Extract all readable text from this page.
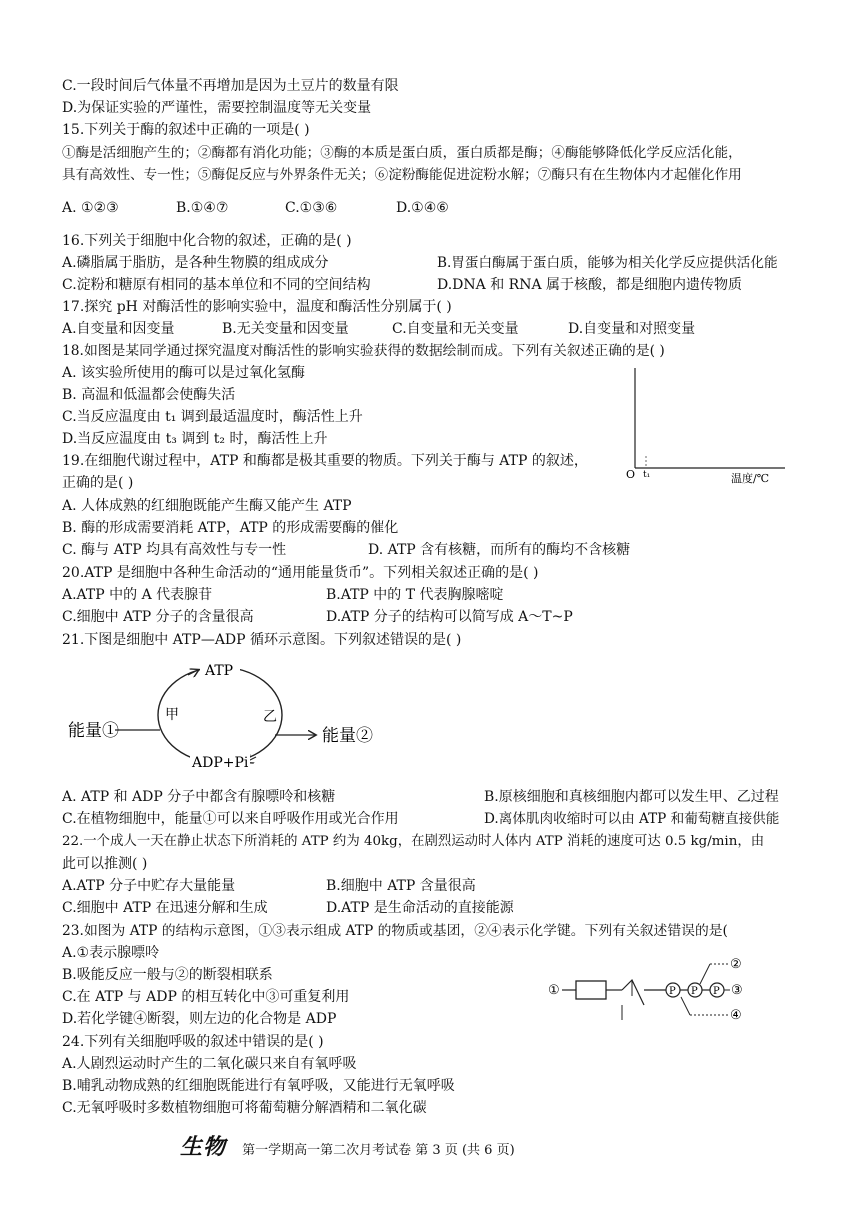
C.一段时间后气体量不再增加是因为土豆片的数量有限
D.为保证实验的严谨性，需要控制温度等无关变量
15.下列关于酶的叙述中正确的一项是( )
①酶是活细胞产生的；②酶都有消化功能；③酶的本质是蛋白质，蛋白质都是酶；④酶能够降低化学反应活化能，
具有高效性、专一性；⑤酶促反应与外界条件无关；⑥淀粉酶能促进淀粉水解；⑦酶只有在生物体内才起催化作用
A. ①②③	B.①④⑦	C.①③⑥	D.①④⑥
16.下列关于细胞中化合物的叙述，正确的是( )
A.磷脂属于脂肪，是各种生物膜的组成成分	B.胃蛋白酶属于蛋白质，能够为相关化学反应提供活化能
C.淀粉和糖原有相同的基本单位和不同的空间结构	D.DNA 和 RNA 属于核酸，都是细胞内遗传物质
17.探究 pH 对酶活性的影响实验中，温度和酶活性分别属于( )
A.自变量和因变量	B.无关变量和因变量	C.自变量和无关变量	D.自变量和对照变量
18.如图是某同学通过探究温度对酶活性的影响实验获得的数据绘制而成。下列有关叙述正确的是( )
A. 该实验所使用的酶可以是过氧化氢酶
B. 高温和低温都会使酶失活
C.当反应温度由 t₁ 调到最适温度时，酶活性上升
D.当反应温度由 t₃ 调到 t₂ 时，酶活性上升
O t₁	温度/℃
19.在细胞代谢过程中，ATP 和酶都是极其重要的物质。下列关于酶与 ATP 的叙述，
正确的是( )
A. 人体成熟的红细胞既能产生酶又能产生 ATP
B. 酶的形成需要消耗 ATP，ATP 的形成需要酶的催化
C. 酶与 ATP 均具有高效性与专一性	D. ATP 含有核糖，而所有的酶均不含核糖
20.ATP 是细胞中各种生命活动的“通用能量货币”。下列相关叙述正确的是( )
A.ATP 中的 A 代表腺苷	B.ATP 中的 T 代表胸腺嘧啶
C.细胞中 ATP 分子的含量很高	D.ATP 分子的结构可以简写成 A～T~P
21.下图是细胞中 ATP—ADP 循环示意图。下列叙述错误的是( )
ATP
ADP+Pi
甲	乙
能量①	能量②
A. ATP 和 ADP 分子中都含有腺嘌呤和核糖	B.原核细胞和真核细胞内都可以发生甲、乙过程
C.在植物细胞中，能量①可以来自呼吸作用或光合作用	D.离体肌肉收缩时可以由 ATP 和葡萄糖直接供能
22.一个成人一天在静止状态下所消耗的 ATP 约为 40kg，在剧烈运动时人体内 ATP 消耗的速度可达 0.5 kg/min，由
此可以推测( )
A.ATP 分子中贮存大量能量	B.细胞中 ATP 含量很高
C.细胞中 ATP 在迅速分解和生成	D.ATP 是生命活动的直接能源
23.如图为 ATP 的结构示意图，①③表示组成 ATP 的物质或基团，②④表示化学键。下列有关叙述错误的是(
A.①表示腺嘌呤
B.吸能反应一般与②的断裂相联系
C.在 ATP 与 ADP 的相互转化中③可重复利用
D.若化学键④断裂，则左边的化合物是 ADP
①	P P P ③
②
④
24.下列有关细胞呼吸的叙述中错误的是( )
A.人剧烈运动时产生的二氧化碳只来自有氧呼吸
B.哺乳动物成熟的红细胞既能进行有氧呼吸，又能进行无氧呼吸
C.无氧呼吸时多数植物细胞可将葡萄糖分解酒精和二氧化碳
生物 第一学期高一第二次月考试卷 第 3 页 (共 6 页)
